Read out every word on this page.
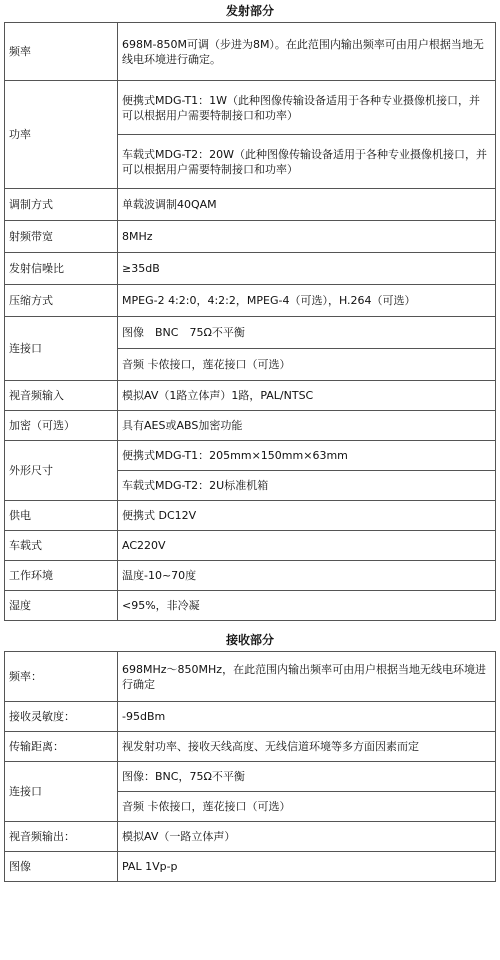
发射部分
频率	698M-850M可调（步进为8M）。在此范围内输出频率可由用户根据当地无线电环境进行确定。
功率	便携式MDG-T1：1W（此种图像传输设备适用于各种专业摄像机接口，并可以根据用户需要特制接口和功率）
	车载式MDG-T2：20W（此种图像传输设备适用于各种专业摄像机接口，并可以根据用户需要特制接口和功率）
调制方式	单载波调制40QAM
射频带宽	8MHz
发射信噪比	≥35dB
压缩方式	MPEG-2 4:2:0，4:2:2，MPEG-4（可选），H.264（可选）
连接口	图像　BNC　75Ω不平衡
	音频 卡侬接口，莲花接口（可选）
视音频输入	模拟AV（1路立体声）1路，PAL/NTSC
加密（可选）	具有AES或ABS加密功能
外形尺寸	便携式MDG-T1：205mm×150mm×63mm
	车载式MDG-T2：2U标准机箱
供电	便携式 DC12V
车载式	AC220V
工作环境	温度-10~70度
湿度	<95%，非冷凝
接收部分
频率：	698MHz～850MHz，在此范围内输出频率可由用户根据当地无线电环境进行确定
接收灵敏度：	-95dBm
传输距离：	视发射功率、接收天线高度、无线信道环境等多方面因素而定
连接口	图像：BNC，75Ω不平衡
	音频 卡侬接口，莲花接口（可选）
视音频输出：	模拟AV（一路立体声）
图像	PAL 1Vp-p
